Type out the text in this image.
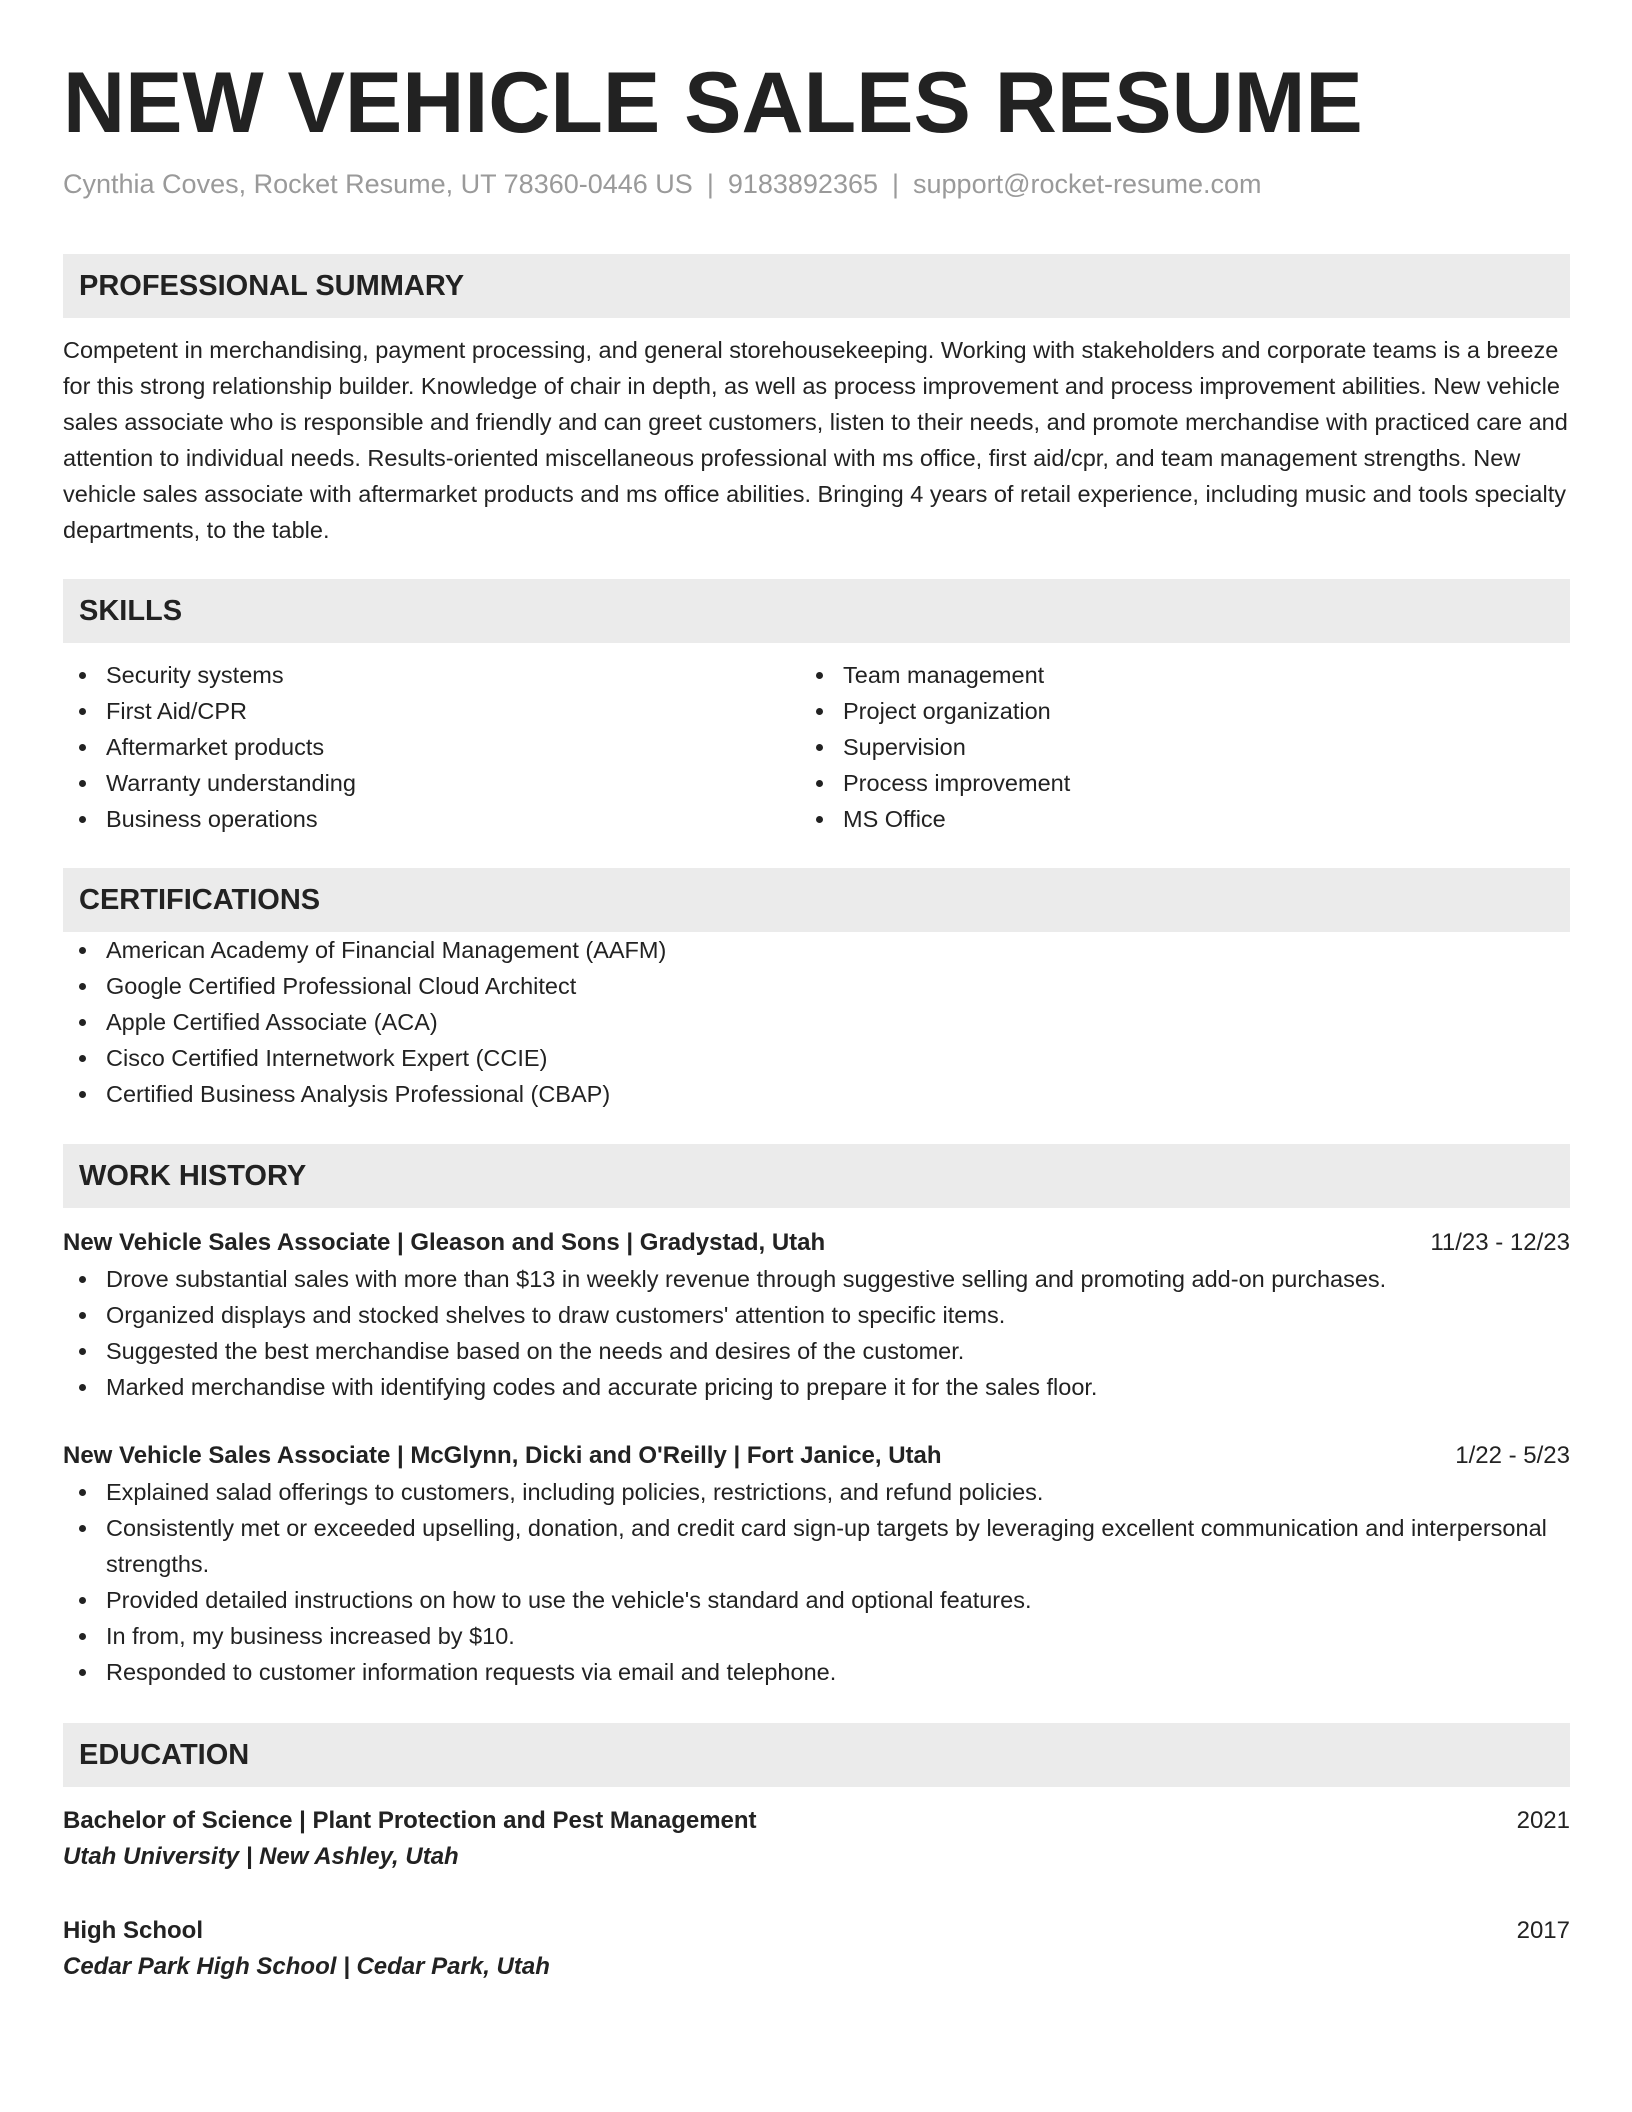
NEW VEHICLE SALES RESUME
Cynthia Coves, Rocket Resume, UT 78360-0446 US | 9183892365 | support@rocket-resume.com
PROFESSIONAL SUMMARY
Competent in merchandising, payment processing, and general storehousekeeping. Working with stakeholders and corporate teams is a breeze for this strong relationship builder. Knowledge of chair in depth, as well as process improvement and process improvement abilities. New vehicle sales associate who is responsible and friendly and can greet customers, listen to their needs, and promote merchandise with practiced care and attention to individual needs. Results-oriented miscellaneous professional with ms office, first aid/cpr, and team management strengths. New vehicle sales associate with aftermarket products and ms office abilities. Bringing 4 years of retail experience, including music and tools specialty departments, to the table.
SKILLS
Security systems
First Aid/CPR
Aftermarket products
Warranty understanding
Business operations
Team management
Project organization
Supervision
Process improvement
MS Office
CERTIFICATIONS
American Academy of Financial Management (AAFM)
Google Certified Professional Cloud Architect
Apple Certified Associate (ACA)
Cisco Certified Internetwork Expert (CCIE)
Certified Business Analysis Professional (CBAP)
WORK HISTORY
New Vehicle Sales Associate | Gleason and Sons | Gradystad, Utah	11/23 - 12/23
Drove substantial sales with more than $13 in weekly revenue through suggestive selling and promoting add-on purchases.
Organized displays and stocked shelves to draw customers' attention to specific items.
Suggested the best merchandise based on the needs and desires of the customer.
Marked merchandise with identifying codes and accurate pricing to prepare it for the sales floor.
New Vehicle Sales Associate | McGlynn, Dicki and O'Reilly | Fort Janice, Utah	1/22 - 5/23
Explained salad offerings to customers, including policies, restrictions, and refund policies.
Consistently met or exceeded upselling, donation, and credit card sign-up targets by leveraging excellent communication and interpersonal strengths.
Provided detailed instructions on how to use the vehicle's standard and optional features.
In from, my business increased by $10.
Responded to customer information requests via email and telephone.
EDUCATION
Bachelor of Science | Plant Protection and Pest Management	2021
Utah University | New Ashley, Utah
High School	2017
Cedar Park High School | Cedar Park, Utah
